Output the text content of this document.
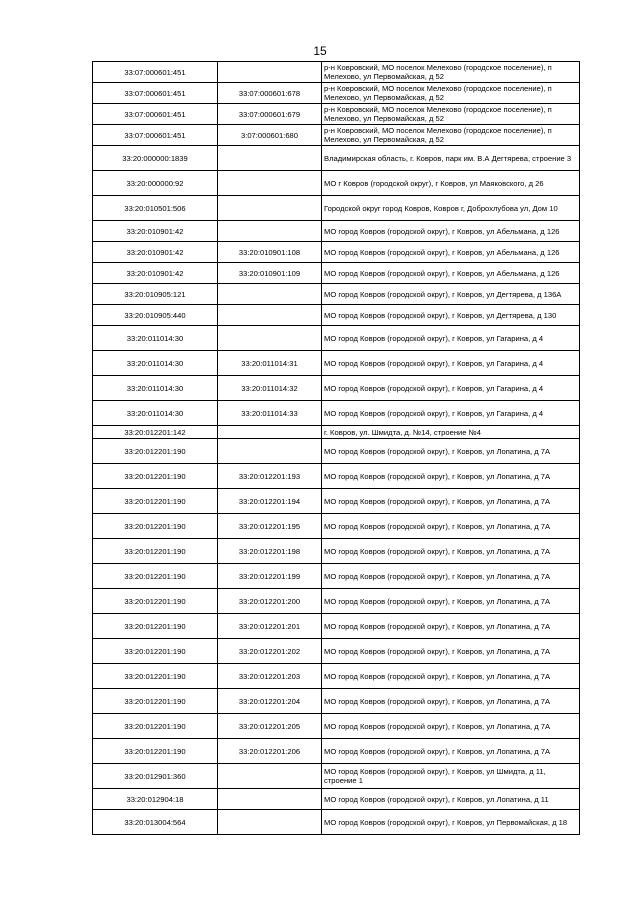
15
33:07:000601:451		р-н Ковровский, МО поселок Мелехово (городское поселение), п Мелехово, ул Первомайская, д 52
33:07:000601:451	33:07:000601:678	р-н Ковровский, МО поселок Мелехово (городское поселение), п Мелехово, ул Первомайская, д 52
33:07:000601:451	33:07:000601:679	р-н Ковровский, МО поселок Мелехово (городское поселение), п Мелехово, ул Первомайская, д 52
33:07:000601:451	3:07:000601:680	р-н Ковровский, МО поселок Мелехово (городское поселение), п Мелехово, ул Первомайская, д 52
33:20:000000:1839		Владимирская область, г. Ковров, парк им. В.А Дегтярева, строение 3
33:20:000000:92		МО г Ковров (городской округ), г Ковров, ул Маяковского, д 26
33:20:010501:506		Городской округ город Ковров, Ковров г, Доброхлубова ул, Дом 10
33:20:010901:42		МО город Ковров (городской округ), г Ковров, ул Абельмана, д 126
33:20:010901:42	33:20:010901:108	МО город Ковров (городской округ), г Ковров, ул Абельмана, д 126
33:20:010901:42	33:20:010901:109	МО город Ковров (городской округ), г Ковров, ул Абельмана, д 126
33:20:010905:121		МО город Ковров (городской округ), г Ковров, ул Дегтярева, д 136А
33:20:010905:440		МО город Ковров (городской округ), г Ковров, ул Дегтярева, д 130
33:20:011014:30		МО город Ковров (городской округ), г Ковров, ул Гагарина, д 4
33:20:011014:30	33:20:011014:31	МО город Ковров (городской округ), г Ковров, ул Гагарина, д 4
33:20:011014:30	33:20:011014:32	МО город Ковров (городской округ), г Ковров, ул Гагарина, д 4
33:20:011014:30	33:20:011014:33	МО город Ковров (городской округ), г Ковров, ул Гагарина, д 4
33:20:012201:142		г. Ковров, ул. Шмидта, д. №14, строение №4
33:20:012201:190		МО город Ковров (городской округ), г Ковров, ул Лопатина, д 7А
33:20:012201:190	33:20:012201:193	МО город Ковров (городской округ), г Ковров, ул Лопатина, д 7А
33:20:012201:190	33:20:012201:194	МО город Ковров (городской округ), г Ковров, ул Лопатина, д 7А
33:20:012201:190	33:20:012201:195	МО город Ковров (городской округ), г Ковров, ул Лопатина, д 7А
33:20:012201:190	33:20:012201:198	МО город Ковров (городской округ), г Ковров, ул Лопатина, д 7А
33:20:012201:190	33:20:012201:199	МО город Ковров (городской округ), г Ковров, ул Лопатина, д 7А
33:20:012201:190	33:20:012201:200	МО город Ковров (городской округ), г Ковров, ул Лопатина, д 7А
33:20:012201:190	33:20:012201:201	МО город Ковров (городской округ), г Ковров, ул Лопатина, д 7А
33:20:012201:190	33:20:012201:202	МО город Ковров (городской округ), г Ковров, ул Лопатина, д 7А
33:20:012201:190	33:20:012201:203	МО город Ковров (городской округ), г Ковров, ул Лопатина, д 7А
33:20:012201:190	33:20:012201:204	МО город Ковров (городской округ), г Ковров, ул Лопатина, д 7А
33:20:012201:190	33:20:012201:205	МО город Ковров (городской округ), г Ковров, ул Лопатина, д 7А
33:20:012201:190	33:20:012201:206	МО город Ковров (городской округ), г Ковров, ул Лопатина, д 7А
33:20:012901:360		МО город Ковров (городской округ), г Ковров, ул Шмидта, д 11, строение 1
33:20:012904:18		МО город Ковров (городской округ), г Ковров, ул Лопатина, д 11
33:20:013004:564		МО город Ковров (городской округ), г Ковров, ул Первомайская, д 18
